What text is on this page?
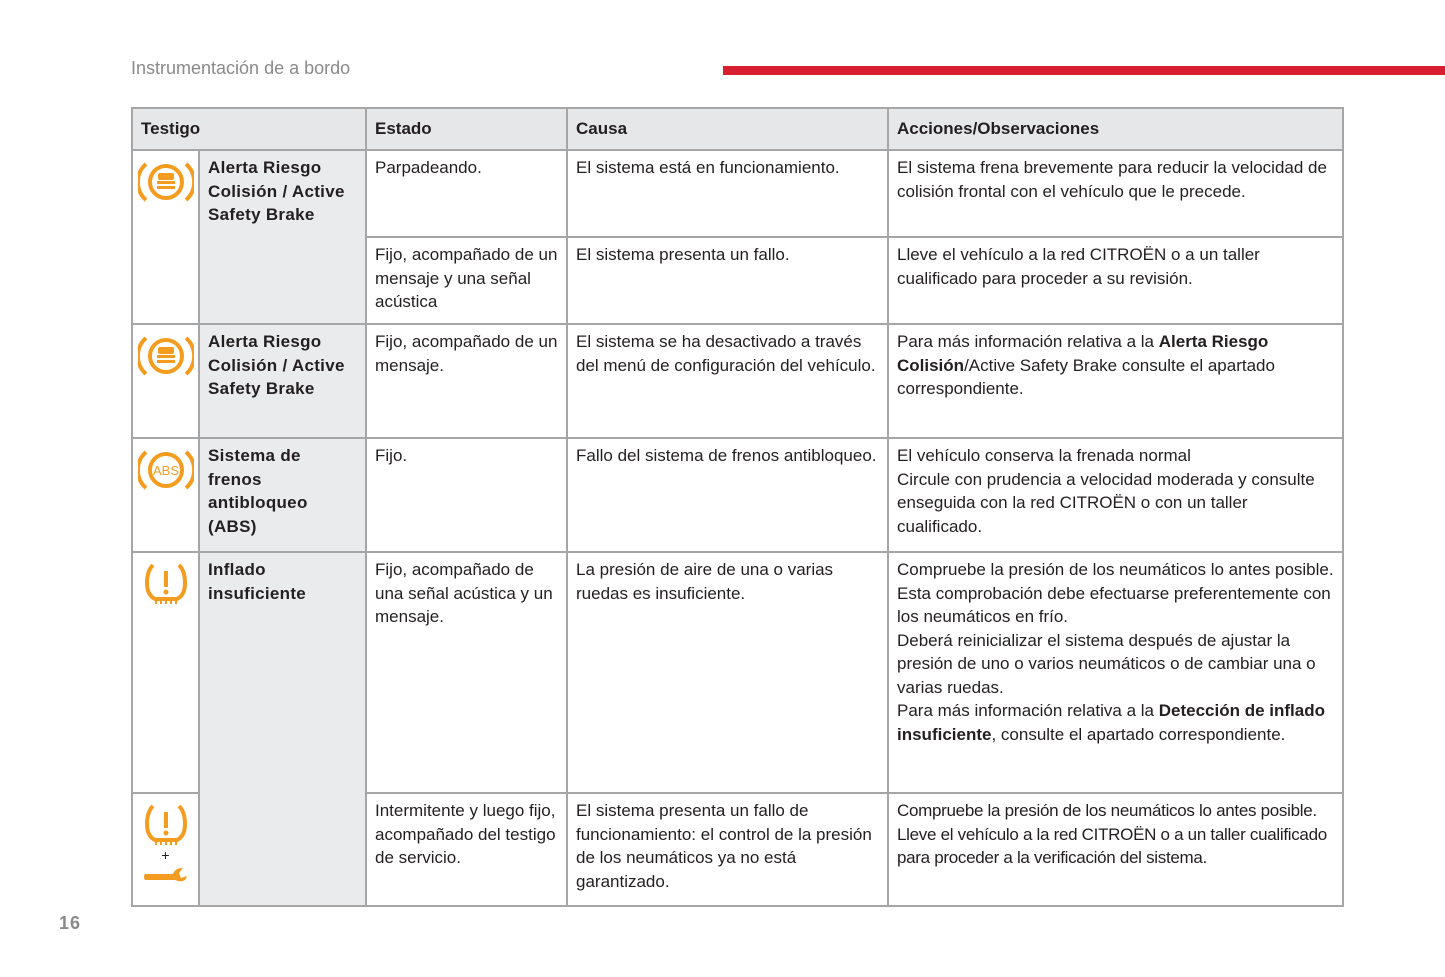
Instrumentación de a bordo
16
Testigo		Estado	Causa	Acciones/Observaciones

	Alerta Riesgo Colisión / Active Safety Brake	Parpadeando.	El sistema está en funcionamiento.	El sistema frena brevemente para reducir la velocidad de colisión frontal con el vehículo que le precede.
		Fijo, acompañado de un mensaje y una señal acústica	El sistema presenta un fallo.	Lleve el vehículo a la red CITROËN o a un taller cualificado para proceder a su revisión.

	Alerta Riesgo Colisión / Active Safety Brake	Fijo, acompañado de un mensaje.	El sistema se ha desactivado a través del menú de configuración del vehículo.	Para más información relativa a la Alerta Riesgo Colisión/Active Safety Brake consulte el apartado correspondiente.

ABS	Sistema de frenos antibloqueo (ABS)	Fijo.	Fallo del sistema de frenos antibloqueo.	El vehículo conserva la frenada normal
Circule con prudencia a velocidad moderada y consulte enseguida con la red CITROËN o con un taller cualificado.

	Inflado insuficiente	Fijo, acompañado de una señal acústica y un mensaje.	La presión de aire de una o varias ruedas es insuficiente.	Compruebe la presión de los neumáticos lo antes posible.
Esta comprobación debe efectuarse preferentemente con los neumáticos en frío.
Deberá reinicializar el sistema después de ajustar la presión de uno o varios neumáticos o de cambiar una o varias ruedas.
Para más información relativa a la Detección de inflado insuficiente, consulte el apartado correspondiente.

+		Intermitente y luego fijo, acompañado del testigo de servicio.	El sistema presenta un fallo de funcionamiento: el control de la presión de los neumáticos ya no está garantizado.	Compruebe la presión de los neumáticos lo antes posible.
Lleve el vehículo a la red CITROËN o a un taller cualificado para proceder a la verificación del sistema.
